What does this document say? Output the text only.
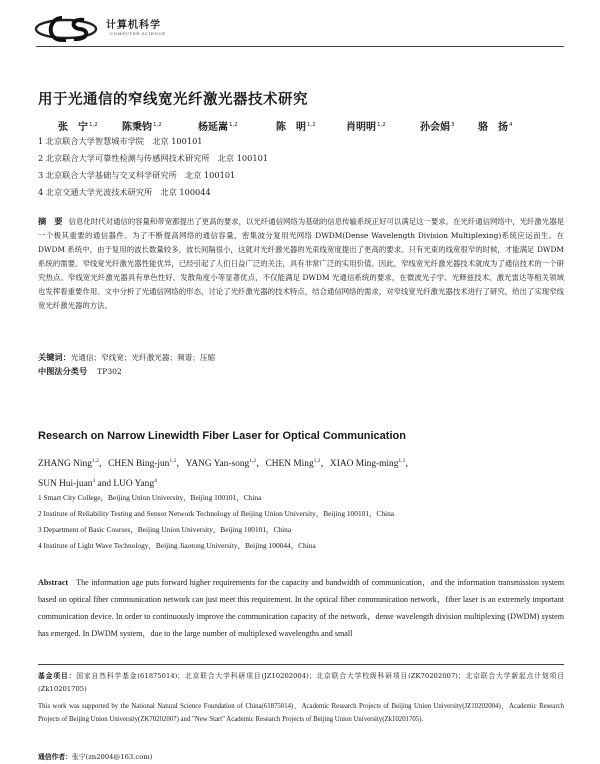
计算机科学
COMPUTER SCIENCE
用于光通信的窄线宽光纤激光器技术研究
张　宁$^{1,2}$ 陈秉钧$^{1,2}$	杨延嵩$^{1,2}$	陈　明$^{1,2}$	肖明明$^{1,2}$	孙会娟$^3$ 骆　扬$^4$
1 北京联合大学智慧城市学院　北京 100101
2 北京联合大学可靠性检测与传感网技术研究所　北京 100101
3 北京联合大学基础与交叉科学研究所　北京 100101
4 北京交通大学光波技术研究所　北京 100044
摘　要 信息化时代对通信的容量和带宽都提出了更高的要求，以光纤通信网络为基础的信息传输系统正好可以满足这一要求。在光纤通信网络中，光纤激光器是一个极其重要的通信器件。为了不断提高网络的通信容量，密集波分复用光网络 DWDM(Dense Wavelength Division Multiplexing)系统应运而生。在 DWDM 系统中，由于复用的波长数量较多，波长间隔很小，这就对光纤激光器的光束线宽度提出了更高的要求。只有光束的线宽很窄的时候，才能满足 DWDM 系统的需要。窄线宽光纤激光器性能优异，已经引起了人们日益广泛的关注，具有非常广泛的实用价值。因此，窄线宽光纤激光器技术就成为了通信技术的一个研究热点。窄线宽光纤激光器具有单色性好、发散角度小等显著优点，不仅能满足 DWDM 光通信系统的要求，在微波光子学、光释兹技术、激光雷达等相关领域也发挥着重要作用。文中分析了光通信网络的形态，讨论了光纤激光器的技术特点，结合通信网络的需求，对窄线宽光纤激光器技术进行了研究，给出了实现窄线宽光纤激光器的方法。
关键词：光通信；窄线宽；光纤激光器；频谱；压缩
中图法分类号 TP302
Research on Narrow Linewidth Fiber Laser for Optical Communication
ZHANG Ning$^{1,2}$，CHEN Bing-jun$^{1,2}$，YANG Yan-song$^{1,2}$，CHEN Ming$^{1,2}$，XIAO Ming-ming$^{1,2}$，
SUN Hui-juan$^3$ and LUO Yang$^4$
1 Smart City College，Beijing Union University，Beijing 100101，China
2 Institute of Reliability Testing and Sensor Network Technology of Beijing Union University，Beijing 100101，China
3 Department of Basic Courses，Beijing Union University，Beijing 100101，China
4 Institute of Light Wave Technology，Beijing Jiaotong University，Beijing 100044，China
Abstract The information age puts forward higher requirements for the capacity and bandwidth of communication，and the information transmission system based on optical fiber communication network can just meet this requirement. In the optical fiber communication network，fiber laser is an extremely important communication device. In order to continuously improve the communication capacity of the network，dense wavelength division multiplexing (DWDM) system has emerged. In DWDM system，due to the large number of multiplexed wavelengths and small
基金项目：国家自然科学基金(61875014)；北京联合大学科研项目(JZ10202004)；北京联合大学校级科研项目(ZK70202007)；北京联合大学新起点计划项目(Zk10201705)
This work was supported by the National Natural Science Foundation of China(61875014)，Academic Research Projects of Beijing Union University(JZ10202004)，Academic Research Projects of Beijing Union University(ZK70202007) and "New Start" Academic Research Projects of Beijing Union University(Zk10201705).
通信作者：张宁(zn2004@163.com)
